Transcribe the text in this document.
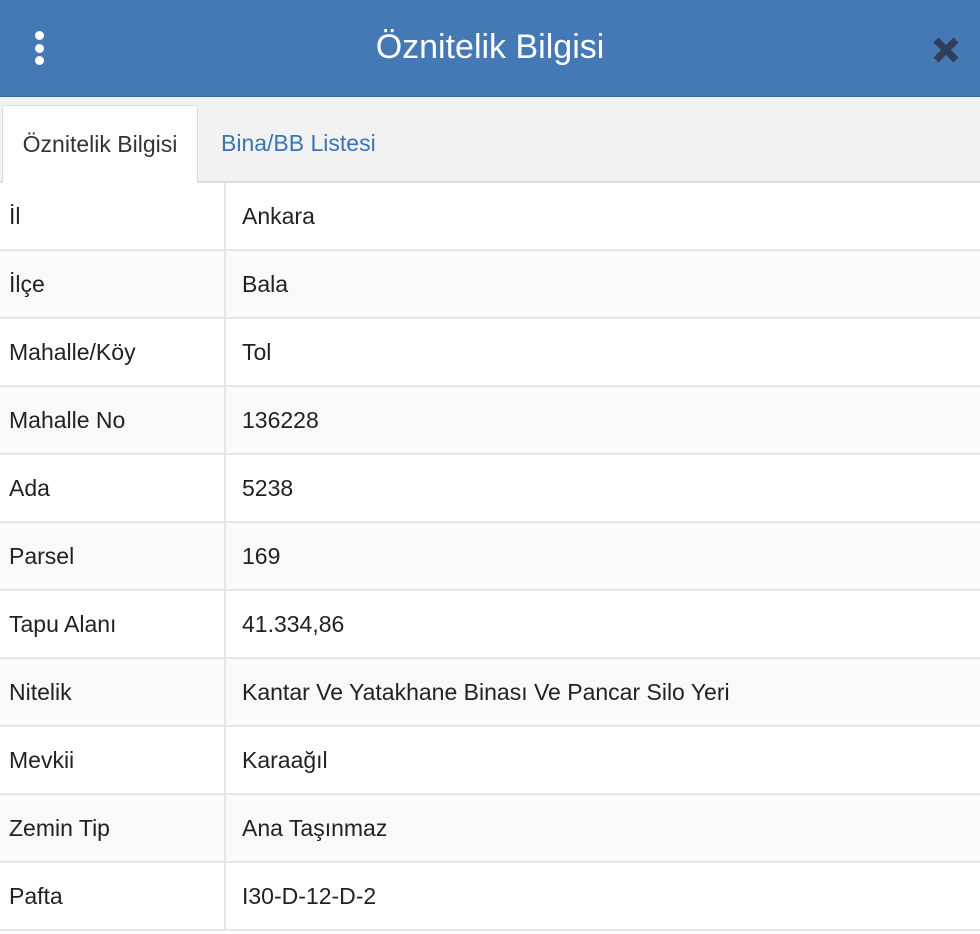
Öznitelik Bilgisi
Öznitelik Bilgisi	Bina/BB Listesi
İl	Ankara
İlçe	Bala
Mahalle/Köy	Tol
Mahalle No	136228
Ada	5238
Parsel	169
Tapu Alanı	41.334,86
Nitelik	Kantar Ve Yatakhane Binası Ve Pancar Silo Yeri
Mevkii	Karaağıl
Zemin Tip	Ana Taşınmaz
Pafta	I30-D-12-D-2
